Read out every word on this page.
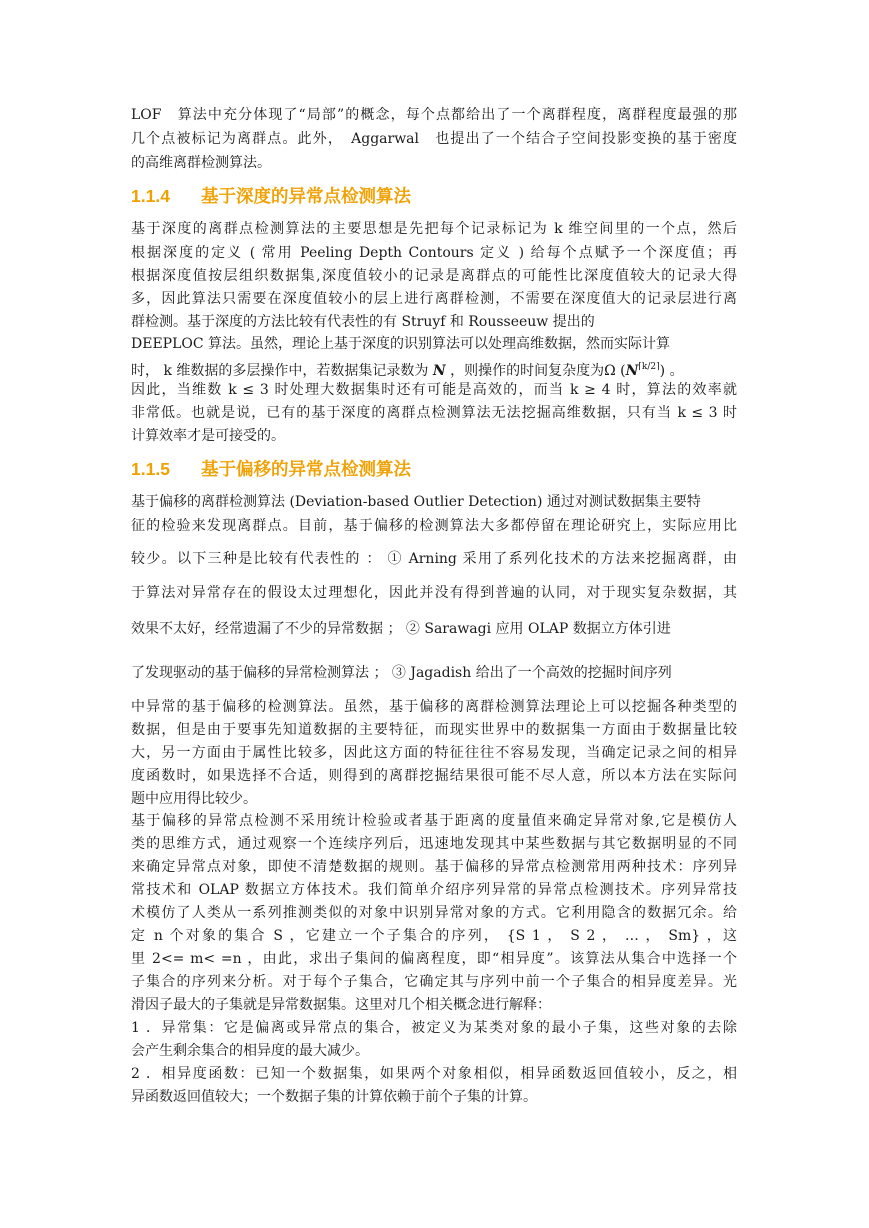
LOF　算法中充分体现了“局部”的概念，每个点都给出了一个离群程度，离群程度最强的那
几个点被标记为离群点。此外，　Aggarwal　也提出了一个结合子空间投影变换的基于密度
的高维离群检测算法。
1.1.4 基于深度的异常点检测算法
基于深度的离群点检测算法的主要思想是先把每个记录标记为 k 维空间里的一个点，然后
根据深度的定义 ( 常用 Peeling Depth Contours 定义 ) 给每个点赋予一个深度值；再
根据深度值按层组织数据集,深度值较小的记录是离群点的可能性比深度值较大的记录大得
多，因此算法只需要在深度值较小的层上进行离群检测，不需要在深度值大的记录层进行离
群检测。基于深度的方法比较有代表性的有 Struyf 和 Rousseeuw 提出的
DEEPLOC 算法。虽然，理论上基于深度的识别算法可以处理高维数据，然而实际计算
时， k 维数据的多层操作中，若数据集记录数为 N ，则操作的时间复杂度为Ω $(N^{⌈k/2⌉})$ 。
因此，当维数 k ≤ 3 时处理大数据集时还有可能是高效的，而当 k ≥ 4 时，算法的效率就
非常低。也就是说，已有的基于深度的离群点检测算法无法挖掘高维数据，只有当 k ≤ 3 时
计算效率才是可接受的。
1.1.5 基于偏移的异常点检测算法
基于偏移的离群检测算法 (Deviation-based Outlier Detection) 通过对测试数据集主要特
征的检验来发现离群点。目前，基于偏移的检测算法大多都停留在理论研究上，实际应用比
较少。以下三种是比较有代表性的 ： ① Arning 采用了系列化技术的方法来挖掘离群，由
于算法对异常存在的假设太过理想化，因此并没有得到普遍的认同，对于现实复杂数据，其
效果不太好，经常遗漏了不少的异常数据 ； ② Sarawagi 应用 OLAP 数据立方体引进
了发现驱动的基于偏移的异常检测算法 ； ③ Jagadish 给出了一个高效的挖掘时间序列
中异常的基于偏移的检测算法。虽然，基于偏移的离群检测算法理论上可以挖掘各种类型的
数据，但是由于要事先知道数据的主要特征，而现实世界中的数据集一方面由于数据量比较
大，另一方面由于属性比较多，因此这方面的特征往往不容易发现，当确定记录之间的相异
度函数时，如果选择不合适，则得到的离群挖掘结果很可能不尽人意，所以本方法在实际问
题中应用得比较少。
基于偏移的异常点检测不采用统计检验或者基于距离的度量值来确定异常对象,它是模仿人
类的思维方式，通过观察一个连续序列后，迅速地发现其中某些数据与其它数据明显的不同
来确定异常点对象，即使不清楚数据的规则。基于偏移的异常点检测常用两种技术：序列异
常技术和 OLAP 数据立方体技术。我们简单介绍序列异常的异常点检测技术。序列异常技
术模仿了人类从一系列推测类似的对象中识别异常对象的方式。它利用隐含的数据冗余。给
定 n 个对象的集合 S ，它建立一个子集合的序列， {S 1 ， S 2 ， … ， Sm} ，这
里 2<= m< =n ，由此，求出子集间的偏离程度，即“相异度”。该算法从集合中选择一个
子集合的序列来分析。对于每个子集合，它确定其与序列中前一个子集合的相异度差异。光
滑因子最大的子集就是异常数据集。这里对几个相关概念进行解释：
1 ．异常集：它是偏离或异常点的集合，被定义为某类对象的最小子集，这些对象的去除
会产生剩余集合的相异度的最大减少。
2 ．相异度函数：已知一个数据集，如果两个对象相似，相异函数返回值较小，反之，相
异函数返回值较大；一个数据子集的计算依赖于前个子集的计算。
